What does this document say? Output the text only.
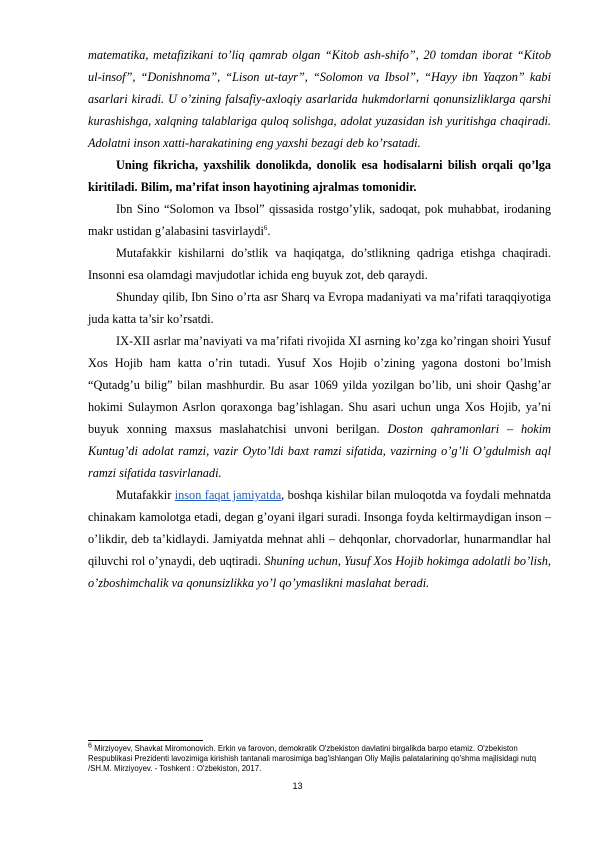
matematika, metafizikani to’liq qamrab olgan “Kitob ash-shifo”, 20 tomdan iborat “Kitob ul-insof”, “Donishnoma”, “Lison ut-tayr”, “Solomon va Ibsol”, “Hayy ibn Yaqzon” kabi asarlari kiradi. U o’zining falsafiy-axloqiy asarlarida hukmdorlarni qonunsizliklarga qarshi kurashishga, xalqning talablariga quloq solishga, adolat yuzasidan ish yuritishga chaqiradi. Adolatni inson xatti-harakatining eng yaxshi bezagi deb ko’rsatadi.

Uning fikricha, yaxshilik donolikda, donolik esa hodisalarni bilish orqali qo’lga kiritiladi. Bilim, ma’rifat inson hayotining ajralmas tomonidir.

Ibn Sino “Solomon va Ibsol” qissasida rostgo’ylik, sadoqat, pok muhabbat, irodaning makr ustidan g’alabasini tasvirlaydi$^6$.

Mutafakkir kishilarni do’stlik va haqiqatga, do’stlikning qadriga etishga chaqiradi. Insonni esa olamdagi mavjudotlar ichida eng buyuk zot, deb qaraydi.

Shunday qilib, Ibn Sino o’rta asr Sharq va Evropa madaniyati va ma’rifati taraqqiyotiga juda katta ta’sir ko’rsatdi.

IX-XII asrlar ma’naviyati va ma’rifati rivojida XI asrning ko’zga ko’ringan shoiri Yusuf Xos Hojib ham katta o’rin tutadi. Yusuf Xos Hojib o’zining yagona dostoni bo’lmish “Qutadg’u bilig” bilan mashhurdir. Bu asar 1069 yilda yozilgan bo’lib, uni shoir Qashg’ar hokimi Sulaymon Asrlon qoraxonga bag’ishlagan. Shu asari uchun unga Xos Hojib, ya’ni buyuk xonning maxsus maslahatchisi unvoni berilgan. Doston qahramonlari – hokim Kuntug’di adolat ramzi, vazir Oyto’ldi baxt ramzi sifatida, vazirning o’g’li O’gdulmish aql ramzi sifatida tasvirlanadi.

Mutafakkir inson faqat jamiyatda, boshqa kishilar bilan muloqotda va foydali mehnatda chinakam kamolotga etadi, degan g’oyani ilgari suradi. Insonga foyda keltirmaydigan inson – o’likdir, deb ta’kidlaydi. Jamiyatda mehnat ahli – dehqonlar, chorvadorlar, hunarmandlar hal qiluvchi rol o’ynaydi, deb uqtiradi. Shuning uchun, Yusuf Xos Hojib hokimga adolatli bo’lish, o’zboshimchalik va qonunsizlikka yo’l qo’ymaslikni maslahat beradi.

$^6$ Mirziyoyev, Shavkat Miromonovich. Erkin va farovon, demokratik O'zbekiston davlatini birgalikda barpo etamiz. O'zbekiston Respublikasi Prezidenti lavozimiga kirishish tantanali marosimiga bag'ishlangan Oliy Majlis palatalarining qo'shma majlisidagi nutq /SH.M. Mirziyoyev. - Toshkent : O'zbekiston, 2017.
13
